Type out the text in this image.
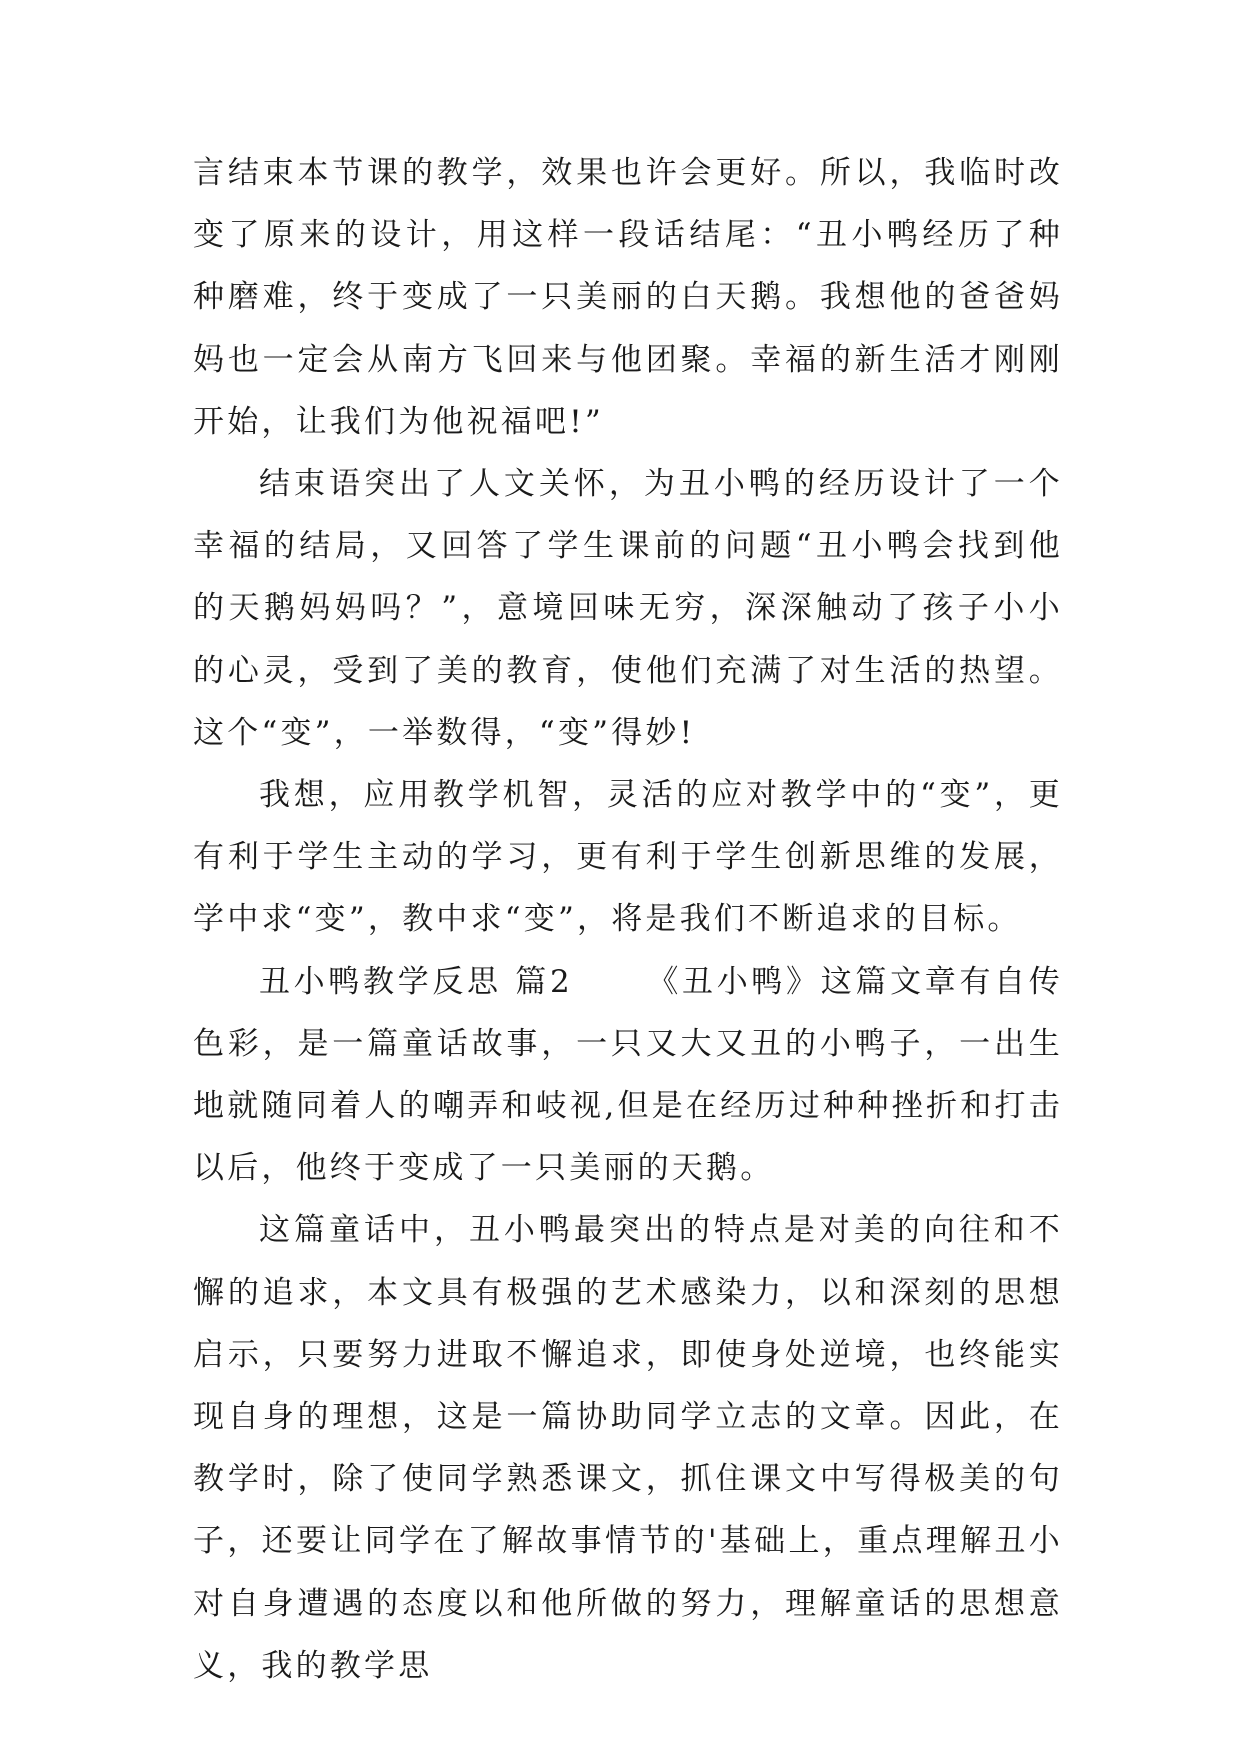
言结束本节课的教学，效果也许会更好。所以，我临时改变了原来的设计，用这样一段话结尾：“丑小鸭经历了种种磨难，终于变成了一只美丽的白天鹅。我想他的爸爸妈妈也一定会从南方飞回来与他团聚。幸福的新生活才刚刚开始，让我们为他祝福吧!”

结束语突出了人文关怀，为丑小鸭的经历设计了一个幸福的结局，又回答了学生课前的问题“丑小鸭会找到他的天鹅妈妈吗？”，意境回味无穷，深深触动了孩子小小的心灵，受到了美的教育，使他们充满了对生活的热望。这个“变”，一举数得，“变”得妙!

我想，应用教学机智，灵活的应对教学中的“变”，更有利于学生主动的学习，更有利于学生创新思维的发展，学中求“变”，教中求“变”，将是我们不断追求的目标。

丑小鸭教学反思 篇2 《丑小鸭》这篇文章有自传色彩，是一篇童话故事，一只又大又丑的小鸭子，一出生地就随同着人的嘲弄和岐视,但是在经历过种种挫折和打击以后，他终于变成了一只美丽的天鹅。

这篇童话中，丑小鸭最突出的特点是对美的向往和不懈的追求，本文具有极强的艺术感染力，以和深刻的思想启示，只要努力进取不懈追求，即使身处逆境，也终能实现自身的理想，这是一篇协助同学立志的文章。因此，在教学时，除了使同学熟悉课文，抓住课文中写得极美的句子，还要让同学在了解故事情节的'基础上，重点理解丑小对自身遭遇的态度以和他所做的努力，理解童话的思想意义，我的教学思
